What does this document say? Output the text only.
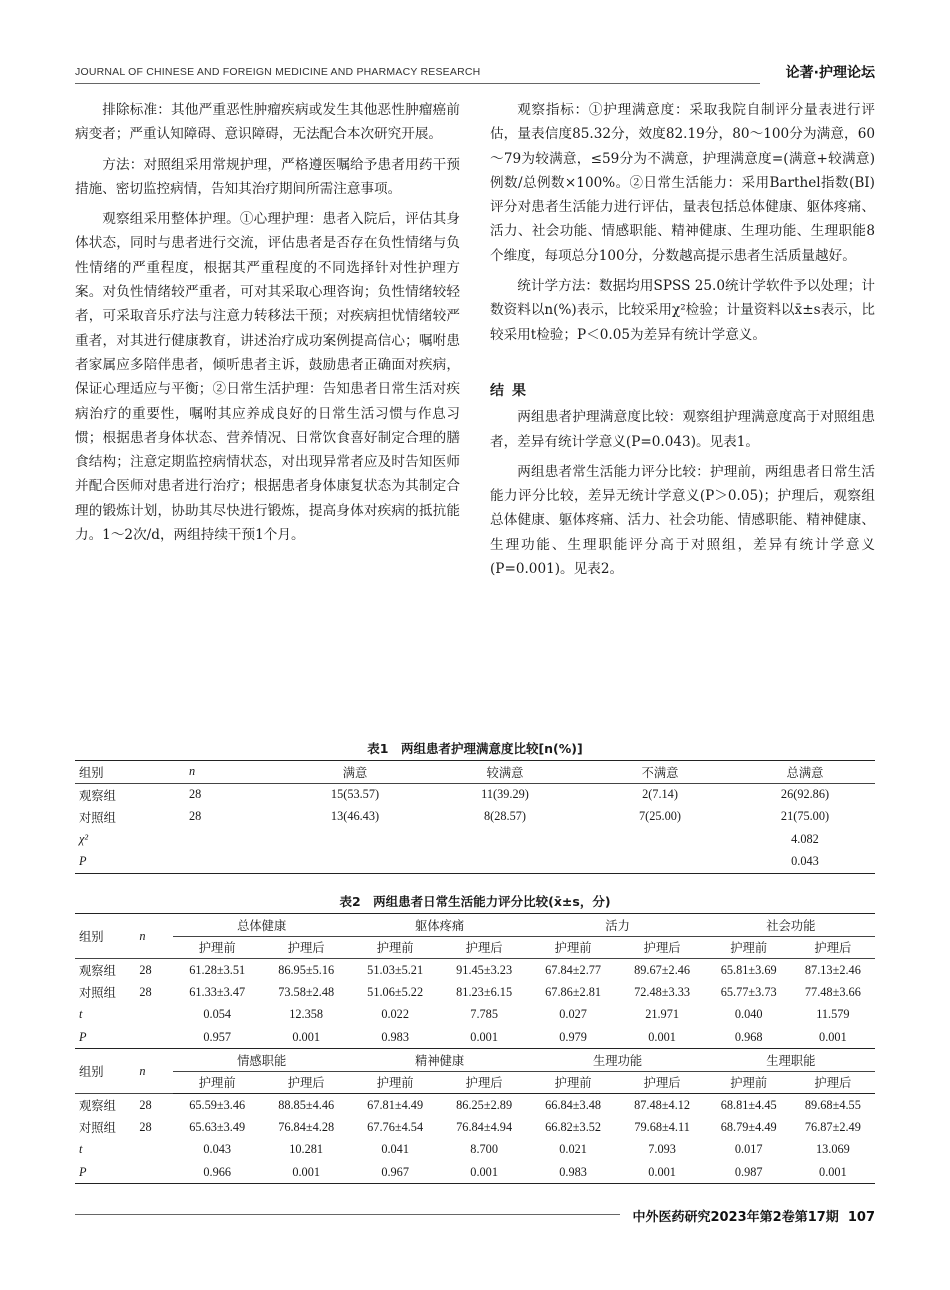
JOURNAL OF CHINESE AND FOREIGN MEDICINE AND PHARMACY RESEARCH	论著·护理论坛

排除标准：其他严重恶性肿瘤疾病或发生其他恶性肿瘤癌前病变者；严重认知障碍、意识障碍，无法配合本次研究开展。

方法：对照组采用常规护理，严格遵医嘱给予患者用药干预措施、密切监控病情，告知其治疗期间所需注意事项。

观察组采用整体护理。①心理护理：患者入院后，评估其身体状态，同时与患者进行交流，评估患者是否存在负性情绪与负性情绪的严重程度，根据其严重程度的不同选择针对性护理方案。对负性情绪较严重者，可对其采取心理咨询；负性情绪较轻者，可采取音乐疗法与注意力转移法干预；对疾病担忧情绪较严重者，对其进行健康教育，讲述治疗成功案例提高信心；嘱咐患者家属应多陪伴患者，倾听患者主诉，鼓励患者正确面对疾病，保证心理适应与平衡；②日常生活护理：告知患者日常生活对疾病治疗的重要性，嘱咐其应养成良好的日常生活习惯与作息习惯；根据患者身体状态、营养情况、日常饮食喜好制定合理的膳食结构；注意定期监控病情状态，对出现异常者应及时告知医师并配合医师对患者进行治疗；根据患者身体康复状态为其制定合理的锻炼计划，协助其尽快进行锻炼，提高身体对疾病的抵抗能力。1～2次/d，两组持续干预1个月。

观察指标：①护理满意度：采取我院自制评分量表进行评估，量表信度85.32分，效度82.19分，80～100分为满意，60～79为较满意，≤59分为不满意，护理满意度=(满意+较满意)例数/总例数×100%。②日常生活能力：采用Barthel指数(BI)评分对患者生活能力进行评估，量表包括总体健康、躯体疼痛、活力、社会功能、情感职能、精神健康、生理功能、生理职能8个维度，每项总分100分，分数越高提示患者生活质量越好。

统计学方法：数据均用SPSS 25.0统计学软件予以处理；计数资料以n(%)表示，比较采用χ²检验；计量资料以x̄±s表示，比较采用t检验；P＜0.05为差异有统计学意义。

结果

两组患者护理满意度比较：观察组护理满意度高于对照组患者，差异有统计学意义(P=0.043)。见表1。

两组患者常生活能力评分比较：护理前，两组患者日常生活能力评分比较，差异无统计学意义(P＞0.05)；护理后，观察组总体健康、躯体疼痛、活力、社会功能、情感职能、精神健康、生理功能、生理职能评分高于对照组，差异有统计学意义(P=0.001)。见表2。

表1　两组患者护理满意度比较[n(%)]
组别	n	满意	较满意	不满意	总满意
观察组	28	15(53.57)	11(39.29)	2(7.14)	26(92.86)
对照组	28	13(46.43)	8(28.57)	7(25.00)	21(75.00)
χ²					4.082
P					0.043
表2　两组患者日常生活能力评分比较(x̄±s，分)
组别	n	总体健康		躯体疼痛		活力		社会功能	
		护理前	护理后	护理前	护理后	护理前	护理后	护理前	护理后
观察组	28	61.28±3.51	86.95±5.16	51.03±5.21	91.45±3.23	67.84±2.77	89.67±2.46	65.81±3.69	87.13±2.46
对照组	28	61.33±3.47	73.58±2.48	51.06±5.22	81.23±6.15	67.86±2.81	72.48±3.33	65.77±3.73	77.48±3.66
t		0.054	12.358	0.022	7.785	0.027	21.971	0.040	11.579
P		0.957	0.001	0.983	0.001	0.979	0.001	0.968	0.001
组别	n	情感职能		精神健康		生理功能		生理职能	
		护理前	护理后	护理前	护理后	护理前	护理后	护理前	护理后
观察组	28	65.59±3.46	88.85±4.46	67.81±4.49	86.25±2.89	66.84±3.48	87.48±4.12	68.81±4.45	89.68±4.55
对照组	28	65.63±3.49	76.84±4.28	67.76±4.54	76.84±4.94	66.82±3.52	79.68±4.11	68.79±4.49	76.87±2.49
t		0.043	10.281	0.041	8.700	0.021	7.093	0.017	13.069
P		0.966	0.001	0.967	0.001	0.983	0.001	0.987	0.001
中外医药研究2023年第2卷第17期 107
